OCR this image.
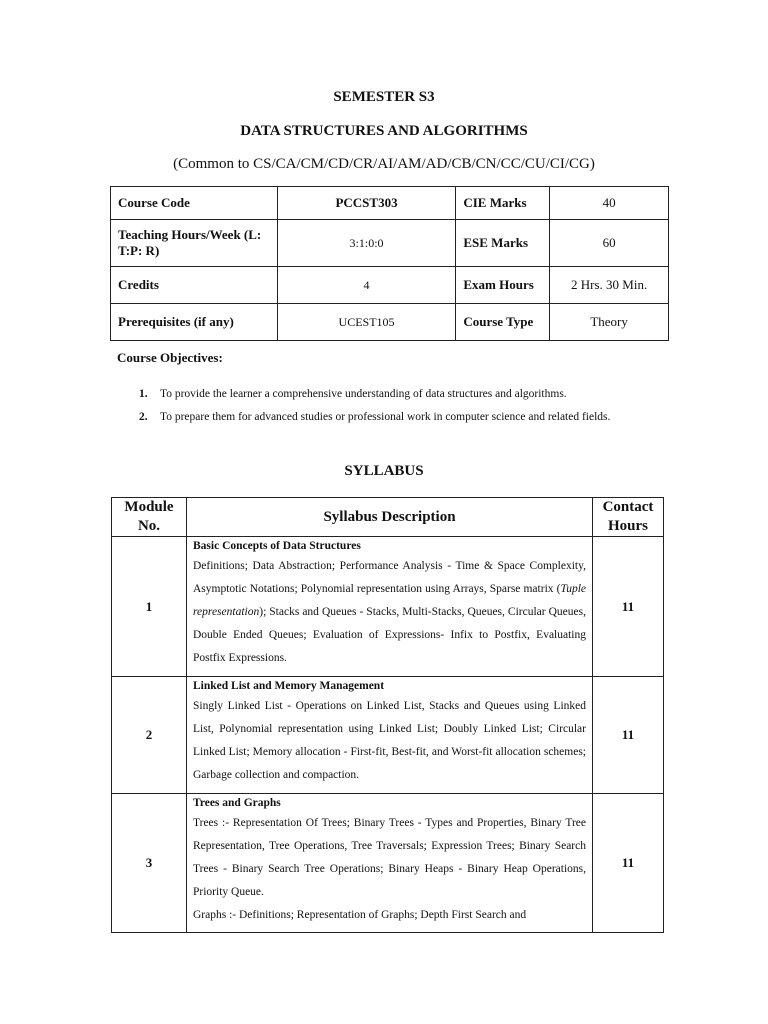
SEMESTER S3
DATA STRUCTURES AND ALGORITHMS
(Common to CS/CA/CM/CD/CR/AI/AM/AD/CB/CN/CC/CU/CI/CG)
Course Code	PCCST303	CIE Marks	40
Teaching Hours/Week (L: T:P: R)	3:1:0:0	ESE Marks	60
Credits	4	Exam Hours	2 Hrs. 30 Min.
Prerequisites (if any)	UCEST105	Course Type	Theory
Course Objectives:
1. To provide the learner a comprehensive understanding of data structures and algorithms.
2. To prepare them for advanced studies or professional work in computer science and related fields.
SYLLABUS
Module No.	Syllabus Description	Contact Hours
1	Basic Concepts of Data Structures
Definitions; Data Abstraction; Performance Analysis - Time & Space Complexity, Asymptotic Notations; Polynomial representation using Arrays, Sparse matrix (Tuple representation); Stacks and Queues - Stacks, Multi-Stacks, Queues, Circular Queues, Double Ended Queues; Evaluation of Expressions- Infix to Postfix, Evaluating Postfix Expressions.	11
2	Linked List and Memory Management
Singly Linked List - Operations on Linked List, Stacks and Queues using Linked List, Polynomial representation using Linked List; Doubly Linked List; Circular Linked List; Memory allocation - First-fit, Best-fit, and Worst-fit allocation schemes; Garbage collection and compaction.	11
3	Trees and Graphs
Trees :- Representation Of Trees; Binary Trees - Types and Properties, Binary Tree Representation, Tree Operations, Tree Traversals; Expression Trees; Binary Search Trees - Binary Search Tree Operations; Binary Heaps - Binary Heap Operations, Priority Queue.
Graphs :- Definitions; Representation of Graphs; Depth First Search and	11
